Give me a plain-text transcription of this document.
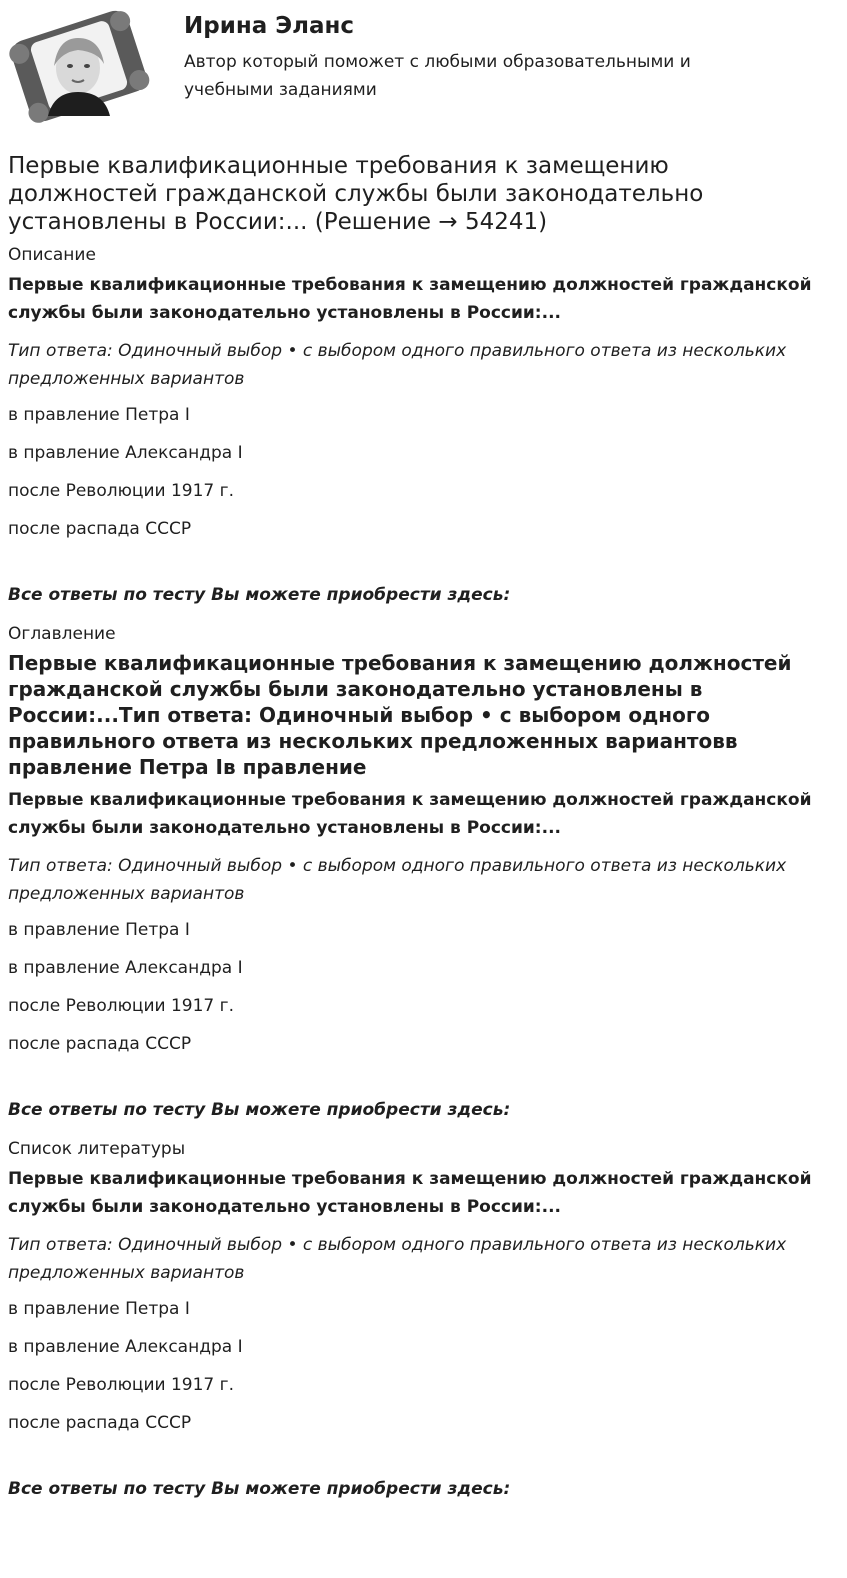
Ирина Эланс
Автор который поможет с любыми образовательными и учебными заданиями
Первые квалификационные требования к замещению должностей гражданской службы были законодательно установлены в России:... (Решение → 54241)
Описание
Первые квалификационные требования к замещению должностей гражданской службы были законодательно установлены в России:...
Тип ответа: Одиночный выбор • с выбором одного правильного ответа из нескольких предложенных вариантов
в правление Петра I
в правление Александра I
после Революции 1917 г.
после распада СССР
Все ответы по тесту Вы можете приобрести здесь:
Оглавление
Первые квалификационные требования к замещению должностей гражданской службы были законодательно установлены в России:...Тип ответа: Одиночный выбор • с выбором одного правильного ответа из нескольких предложенных вариантовв правление Петра Iв правление
Первые квалификационные требования к замещению должностей гражданской службы были законодательно установлены в России:...
Тип ответа: Одиночный выбор • с выбором одного правильного ответа из нескольких предложенных вариантов
в правление Петра I
в правление Александра I
после Революции 1917 г.
после распада СССР
Все ответы по тесту Вы можете приобрести здесь:
Список литературы
Первые квалификационные требования к замещению должностей гражданской службы были законодательно установлены в России:...
Тип ответа: Одиночный выбор • с выбором одного правильного ответа из нескольких предложенных вариантов
в правление Петра I
в правление Александра I
после Революции 1917 г.
после распада СССР
Все ответы по тесту Вы можете приобрести здесь:
